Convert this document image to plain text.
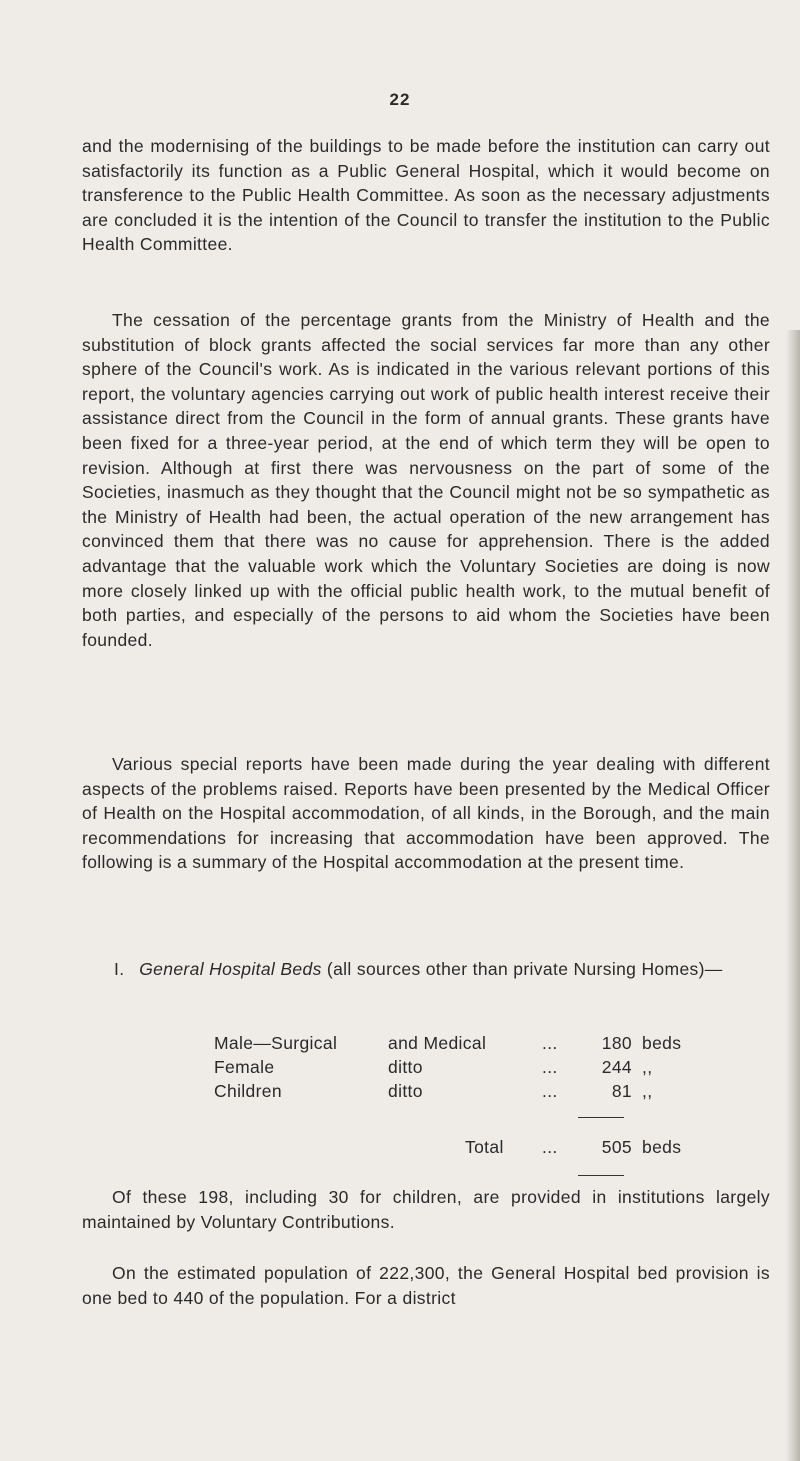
22
and the modernising of the buildings to be made before the institution can carry out satisfactorily its function as a Public General Hospital, which it would become on transference to the Public Health Committee. As soon as the necessary adjustments are concluded it is the intention of the Council to transfer the institution to the Public Health Committee.
The cessation of the percentage grants from the Ministry of Health and the substitution of block grants affected the social services far more than any other sphere of the Council's work. As is indicated in the various relevant portions of this report, the voluntary agencies carrying out work of public health interest receive their assistance direct from the Council in the form of annual grants. These grants have been fixed for a three-year period, at the end of which term they will be open to revision. Although at first there was nervousness on the part of some of the Societies, inasmuch as they thought that the Council might not be so sympathetic as the Ministry of Health had been, the actual operation of the new arrangement has convinced them that there was no cause for apprehension. There is the added advantage that the valuable work which the Voluntary Societies are doing is now more closely linked up with the official public health work, to the mutual benefit of both parties, and especially of the persons to aid whom the Societies have been founded.
Various special reports have been made during the year dealing with different aspects of the problems raised. Reports have been presented by the Medical Officer of Health on the Hospital accommodation, of all kinds, in the Borough, and the main recommendations for increasing that accommodation have been approved. The following is a summary of the Hospital accommodation at the present time.
I. General Hospital Beds (all sources other than private Nursing Homes)—
Male—Surgical	and Medical	...	180 beds
Female	ditto	...	244 ,,
Children	ditto	...	81 ,,
Total ...	505 beds
Of these 198, including 30 for children, are provided in institutions largely maintained by Voluntary Contributions.
On the estimated population of 222,300, the General Hospital bed provision is one bed to 440 of the population. For a district
